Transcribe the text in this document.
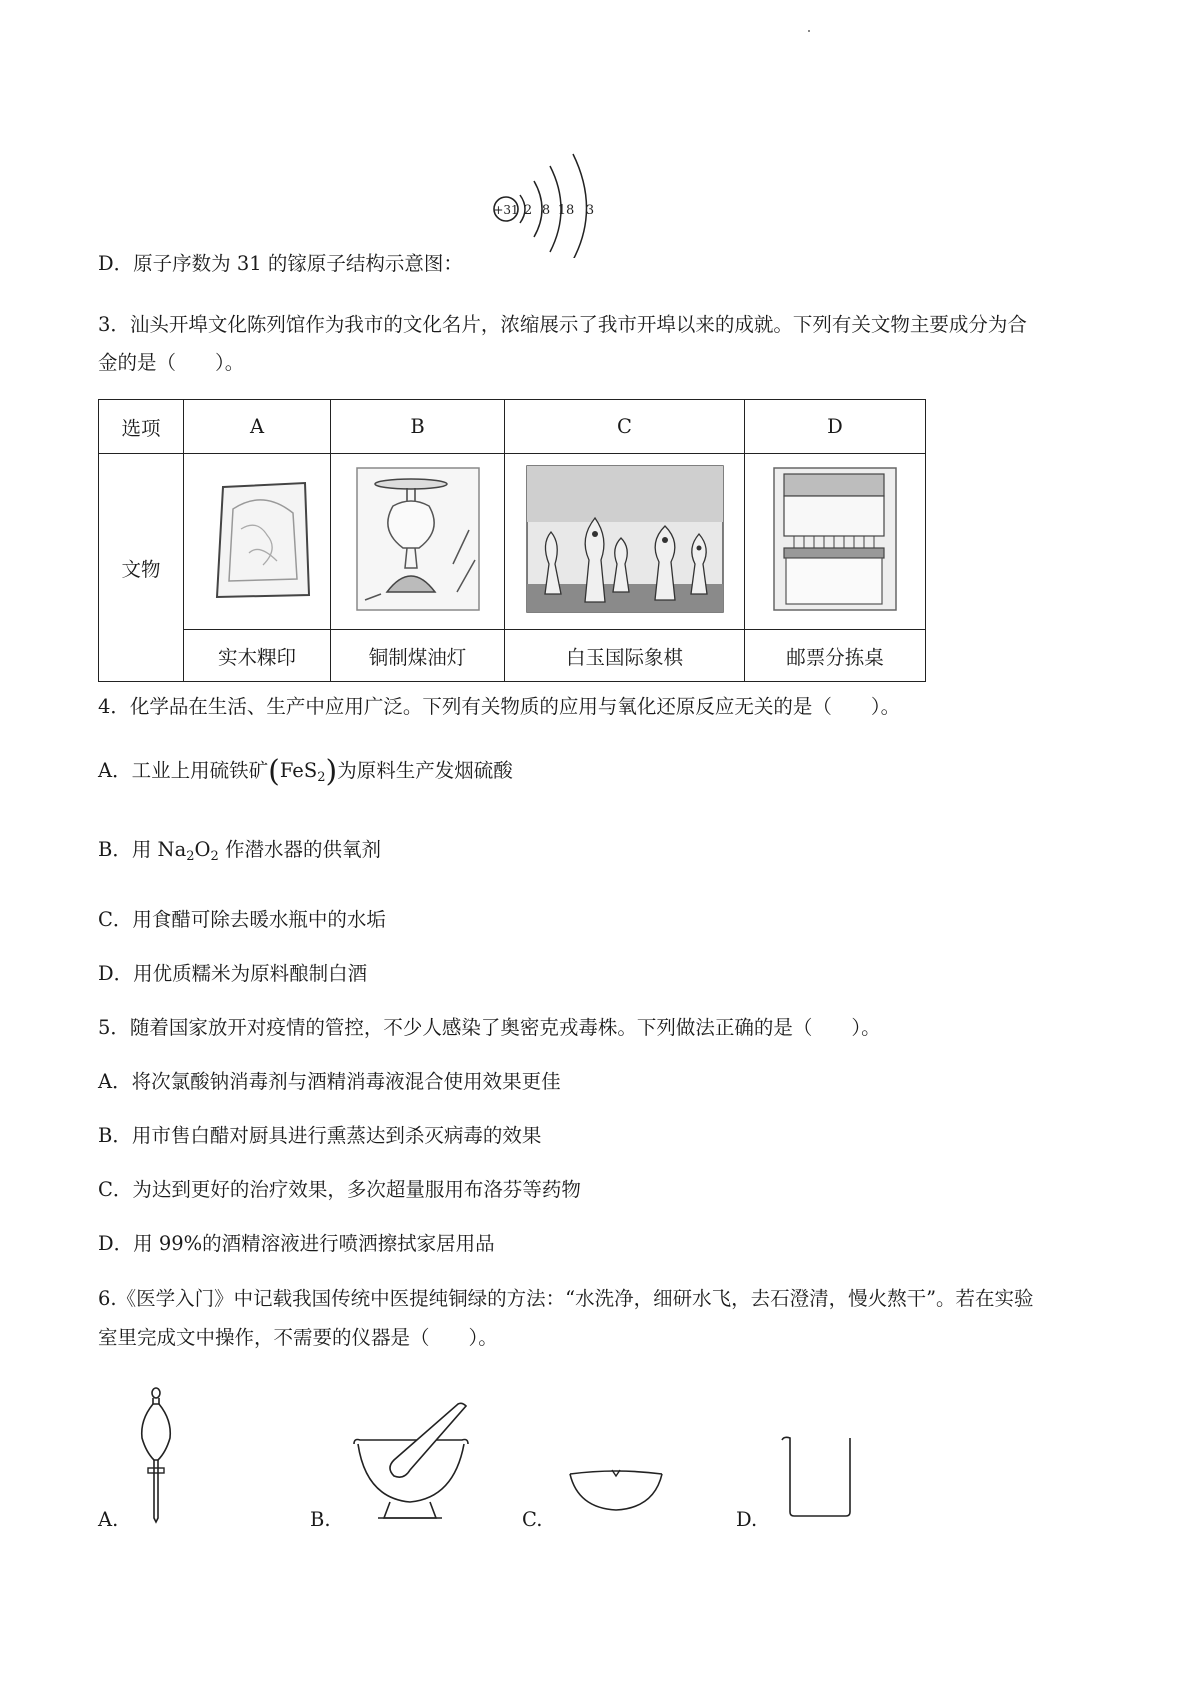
+31 2 8 18 3
D．原子序数为 31 的镓原子结构示意图：
3．汕头开埠文化陈列馆作为我市的文化名片，浓缩展示了我市开埠以来的成就。下列有关文物主要成分为合
金的是（　　）。
选项	A	B	C	D
文物				
	实木粿印	铜制煤油灯	白玉国际象棋	邮票分拣桌
4．化学品在生活、生产中应用广泛。下列有关物质的应用与氧化还原反应无关的是（　　）。
A．工业上用硫铁矿(FeS$_2$)为原料生产发烟硫酸
B．用 $Na_2O_2$ 作潜水器的供氧剂
C．用食醋可除去暖水瓶中的水垢
D．用优质糯米为原料酿制白酒
5．随着国家放开对疫情的管控，不少人感染了奥密克戎毒株。下列做法正确的是（　　）。
A．将次氯酸钠消毒剂与酒精消毒液混合使用效果更佳
B．用市售白醋对厨具进行熏蒸达到杀灭病毒的效果
C．为达到更好的治疗效果，多次超量服用布洛芬等药物
D．用 99%的酒精溶液进行喷洒擦拭家居用品
6.《医学入门》中记载我国传统中医提纯铜绿的方法：“水洗净，细研水飞，去石澄清，慢火熬干”。若在实验
室里完成文中操作，不需要的仪器是（　　）。
A.	B.	C.	D.
